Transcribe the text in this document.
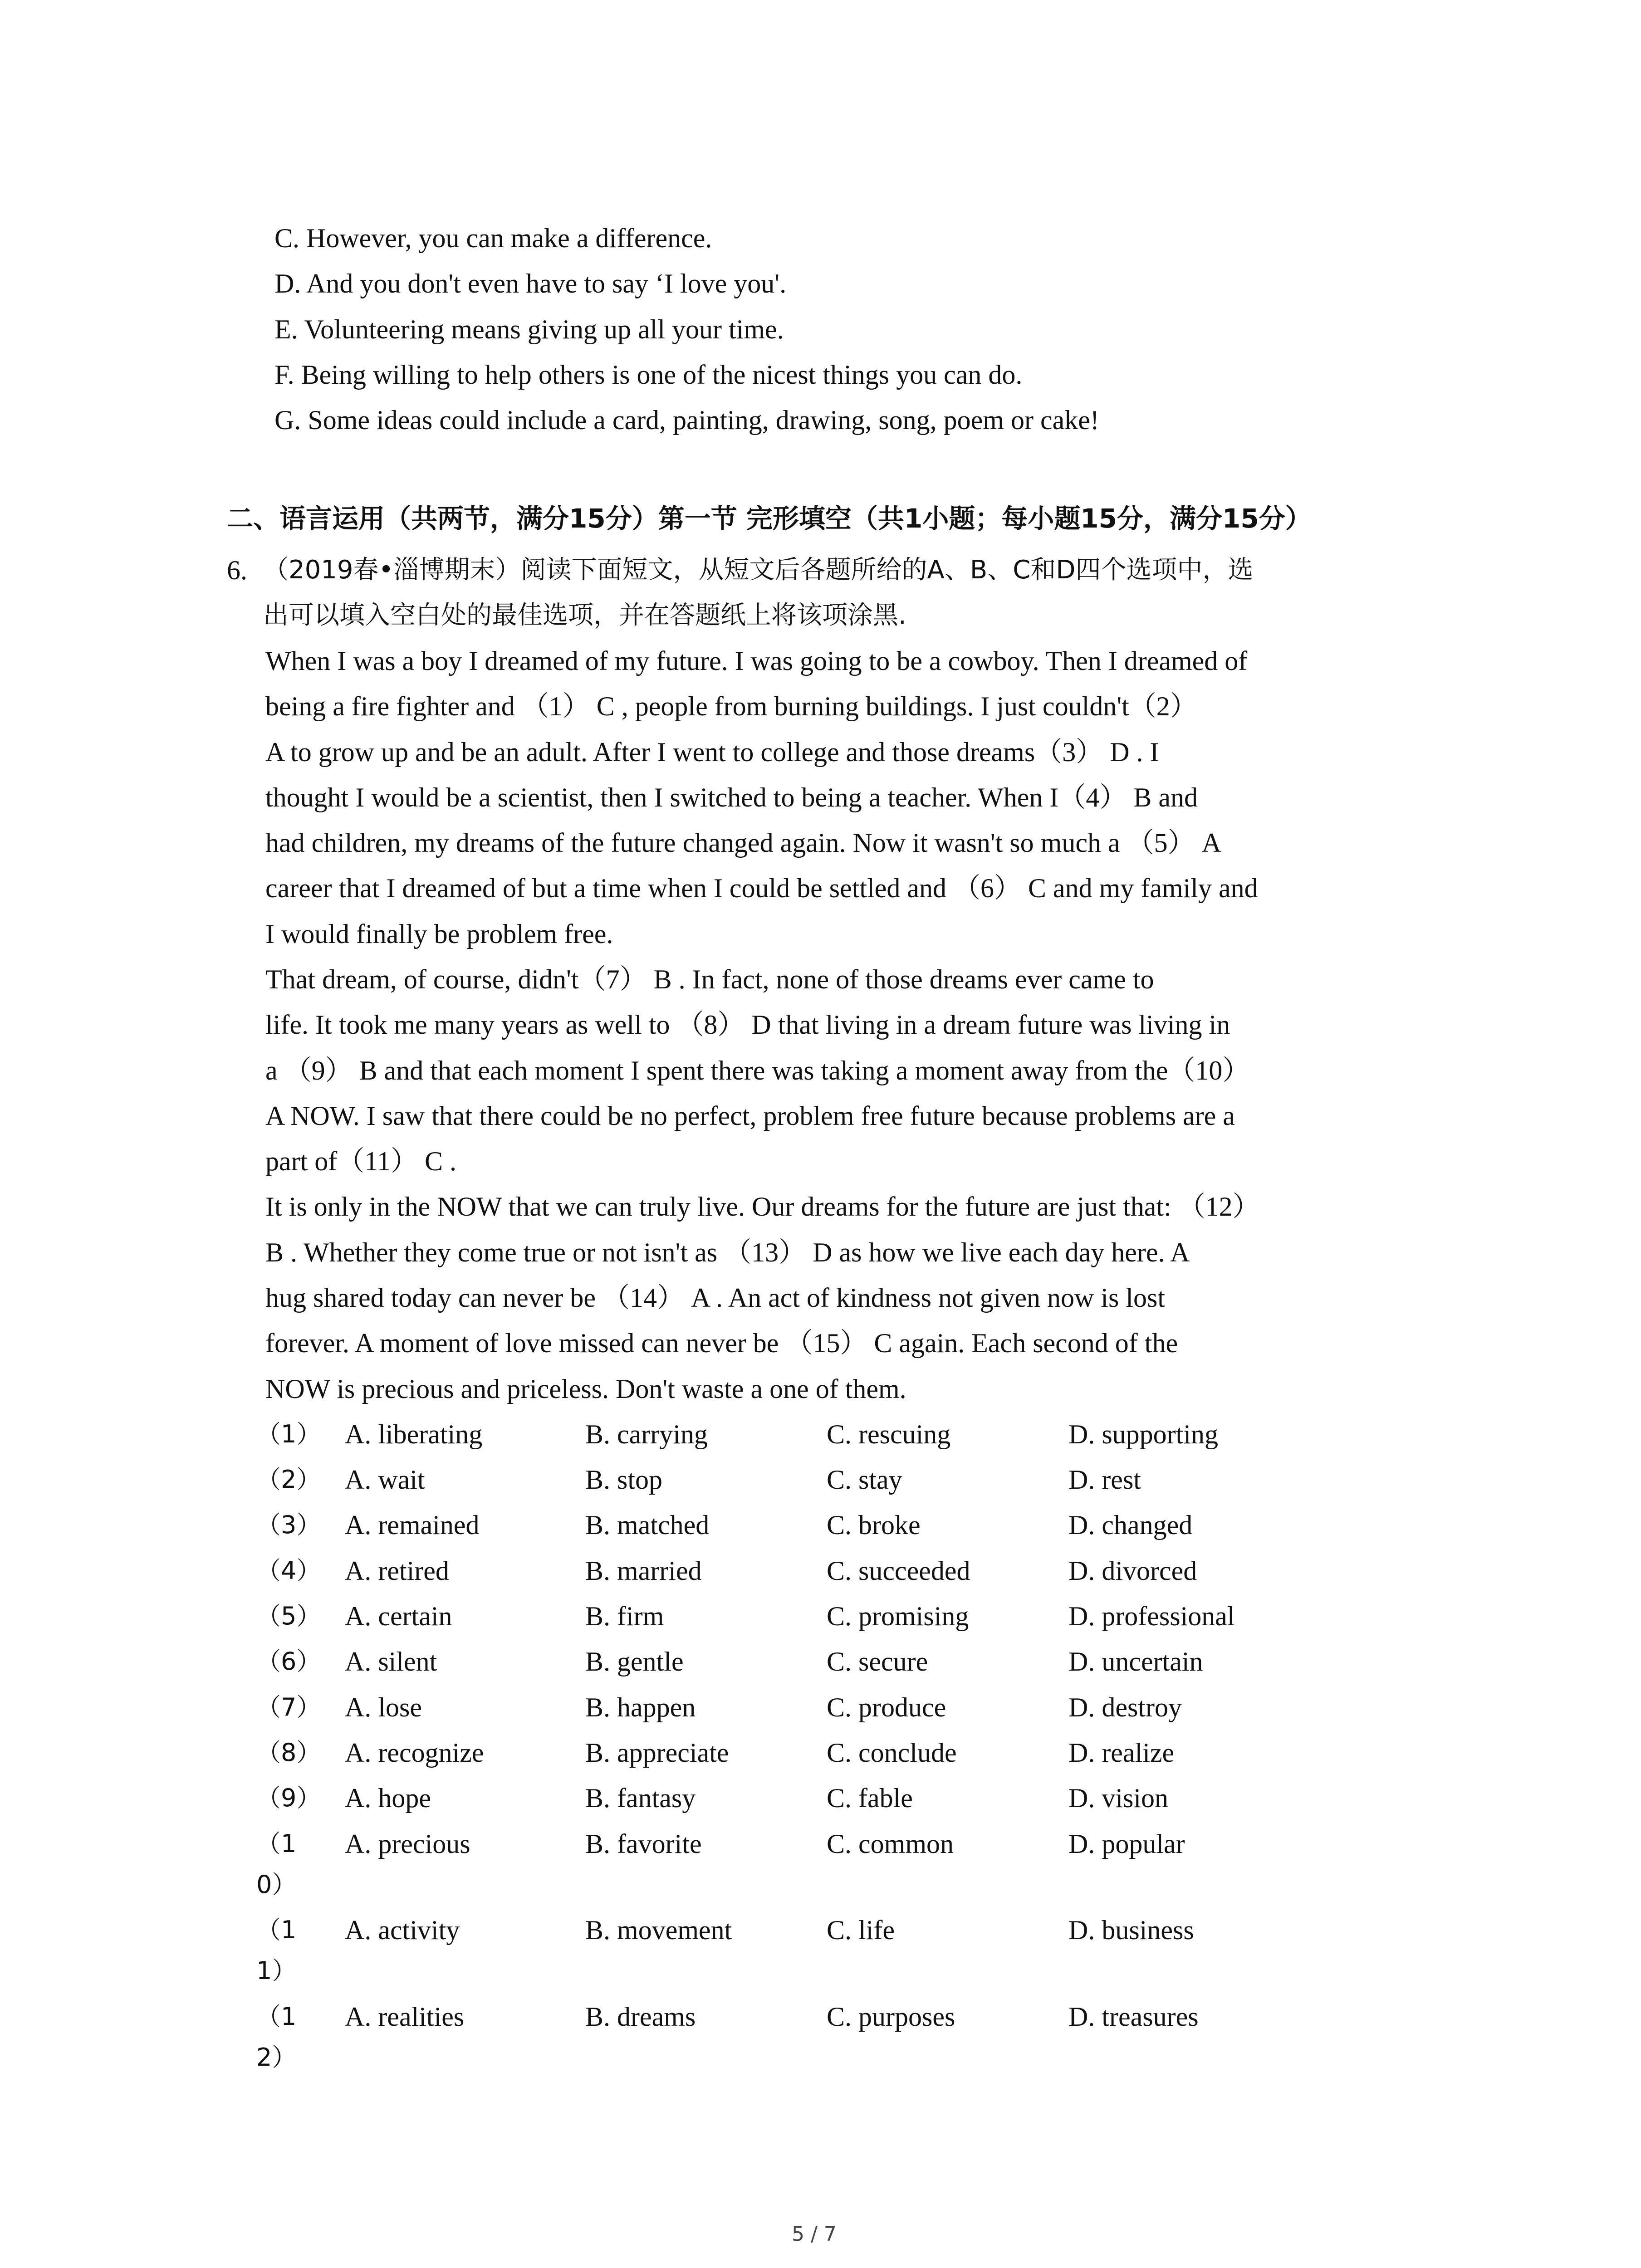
C. However, you can make a difference.
D. And you don't even have to say ‘I love you'.
E. Volunteering means giving up all your time.
F. Being willing to help others is one of the nicest things you can do.
G. Some ideas could include a card, painting, drawing, song, poem or cake!
二、语言运用（共两节，满分15分）第一节 完形填空（共1小题；每小题15分，满分15分）
6. （2019春•淄博期末）阅读下面短文，从短文后各题所给的A、B、C和D四个选项中，选
出可以填入空白处的最佳选项，并在答题纸上将该项涂黑.
When I was a boy I dreamed of my future. I was going to be a cowboy. Then I dreamed of
being a fire fighter and （1） C , people from burning buildings. I just couldn't（2）
A to grow up and be an adult. After I went to college and those dreams（3） D . I
thought I would be a scientist, then I switched to being a teacher. When I（4） B and
had children, my dreams of the future changed again. Now it wasn't so much a （5） A
career that I dreamed of but a time when I could be settled and （6） C and my family and
I would finally be problem free.
That dream, of course, didn't（7） B . In fact, none of those dreams ever came to
life. It took me many years as well to （8） D that living in a dream future was living in
a （9） B and that each moment I spent there was taking a moment away from the（10）
A NOW. I saw that there could be no perfect, problem free future because problems are a
part of（11） C .
It is only in the NOW that we can truly live. Our dreams for the future are just that: （12）
B . Whether they come true or not isn't as （13） D as how we live each day here. A
hug shared today can never be （14） A . An act of kindness not given now is lost
forever. A moment of love missed can never be （15） C again. Each second of the
NOW is precious and priceless. Don't waste a one of them.
（1） A. liberating	B. carrying	C. rescuing	D. supporting
（2） A. wait	B. stop	C. stay	D. rest
（3） A. remained	B. matched	C. broke	D. changed
（4） A. retired	B. married	C. succeeded	D. divorced
（5） A. certain	B. firm	C. promising	D. professional
（6） A. silent	B. gentle	C. secure	D. uncertain
（7） A. lose	B. happen	C. produce	D. destroy
（8） A. recognize	B. appreciate	C. conclude	D. realize
（9） A. hope	B. fantasy	C. fable	D. vision
（1 A. precious	B. favorite	C. common	D. popular
0）
（1 A. activity	B. movement	C. life	D. business
1）
（1 A. realities	B. dreams	C. purposes	D. treasures
2）
5 / 7
